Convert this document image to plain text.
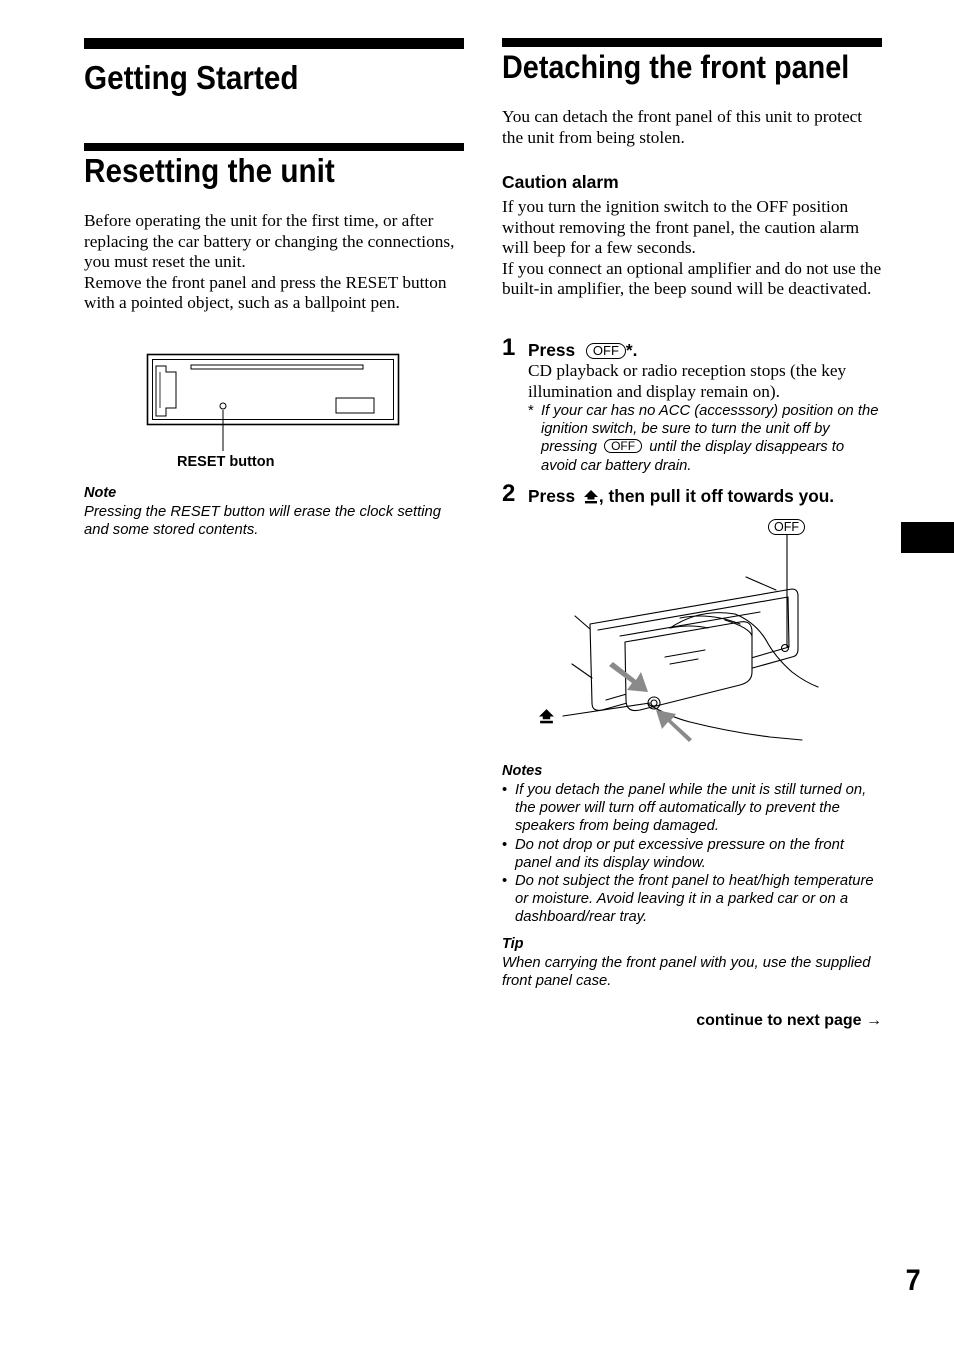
Getting Started
Resetting the unit

Before operating the unit for the first time, or after replacing the car battery or changing the connections, you must reset the unit.

Remove the front panel and press the RESET button with a pointed object, such as a ballpoint pen.

RESET button
Note
Pressing the RESET button will erase the clock setting and some stored contents.
Detaching the front panel
You can detach the front panel of this unit to protect the unit from being stolen.
Caution alarm

If you turn the ignition switch to the OFF position without removing the front panel, the caution alarm will beep for a few seconds.

If you connect an optional amplifier and do not use the built-in amplifier, the beep sound will be deactivated.

1 Press OFF *.
CD playback or radio reception stops (the key illumination and display remain on).
* If your car has no ACC (accesssory) position on the ignition switch, be sure to turn the unit off by pressing OFF until the display disappears to avoid car battery drain.
2 Press , then pull it off towards you.
OFF
Notes
• If you detach the panel while the unit is still turned on, the power will turn off automatically to prevent the speakers from being damaged.
• Do not drop or put excessive pressure on the front panel and its display window.
• Do not subject the front panel to heat/high temperature or moisture. Avoid leaving it in a parked car or on a dashboard/rear tray.
Tip
When carrying the front panel with you, use the supplied front panel case.
continue to next page →
7
